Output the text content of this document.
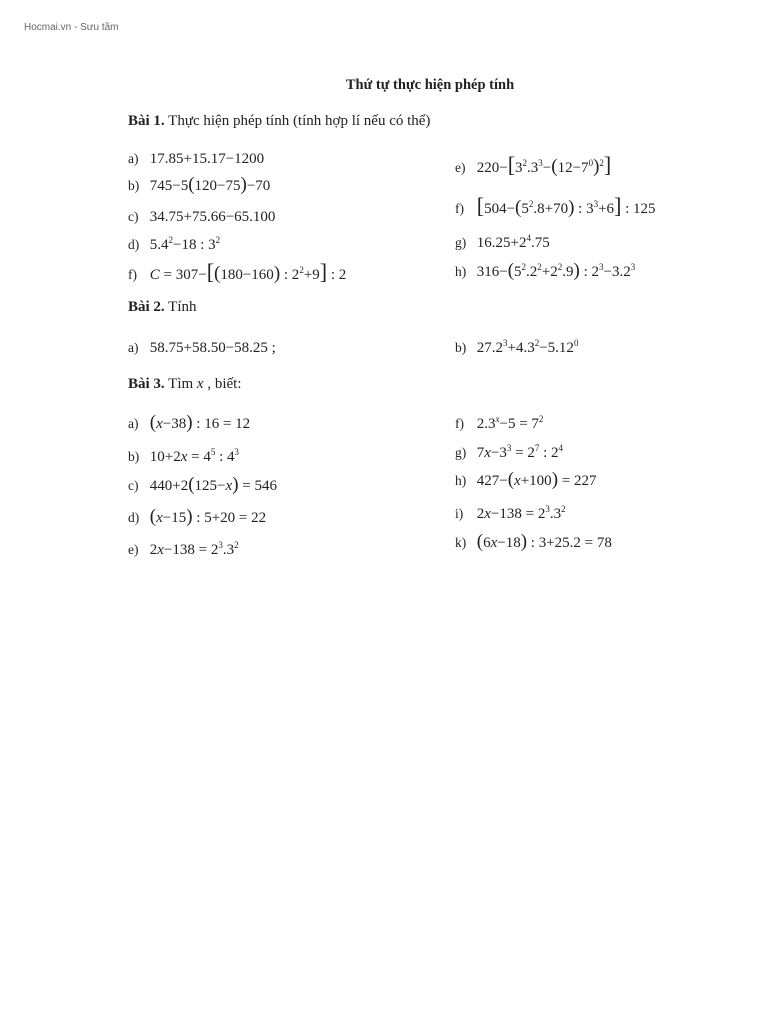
Hocmai.vn - Sưu tầm
Thứ tự thực hiện phép tính
Bài 1. Thực hiện phép tính (tính hợp lí nếu có thể)
a) 17.85+15.17−1200
b) 745−5(120−75)−70
c) 34.75+75.66−65.100
d) $5.4^2-18$ : $3^2$
f) C = 307−[(180−160) : $2^2+9$] : 2
e) $220-[3^2.3^3-(12-7^0)^2]$
f) [$504-(5^2.8+70)$ : $3^3+6$] : 125
g) $16.25+2^4.75$
h) $316-(5^2.2^2+2^2.9)$ : $2^3-3.2^3$
Bài 2. Tính
a) 58.75+58.50−58.25 ;	b) $27.2^3+4.3^2-5.12^0$
Bài 3. Tìm x , biết:
a) (x−38) : 16 = 12
b) $10+2x = 4^5$ : $4^3$
c) 440+2(125−x) = 546
d) (x−15) : 5+20 = 22
e) $2x-138 = 2^3.3^2$
f) $2.3^x-5 = 7^2$
g) $7x-3^3 = 2^7$ : $2^4$
h) 427−(x+100) = 227
i) $2x-138 = 2^3.3^2$
k) (6x−18) : 3+25.2 = 78
